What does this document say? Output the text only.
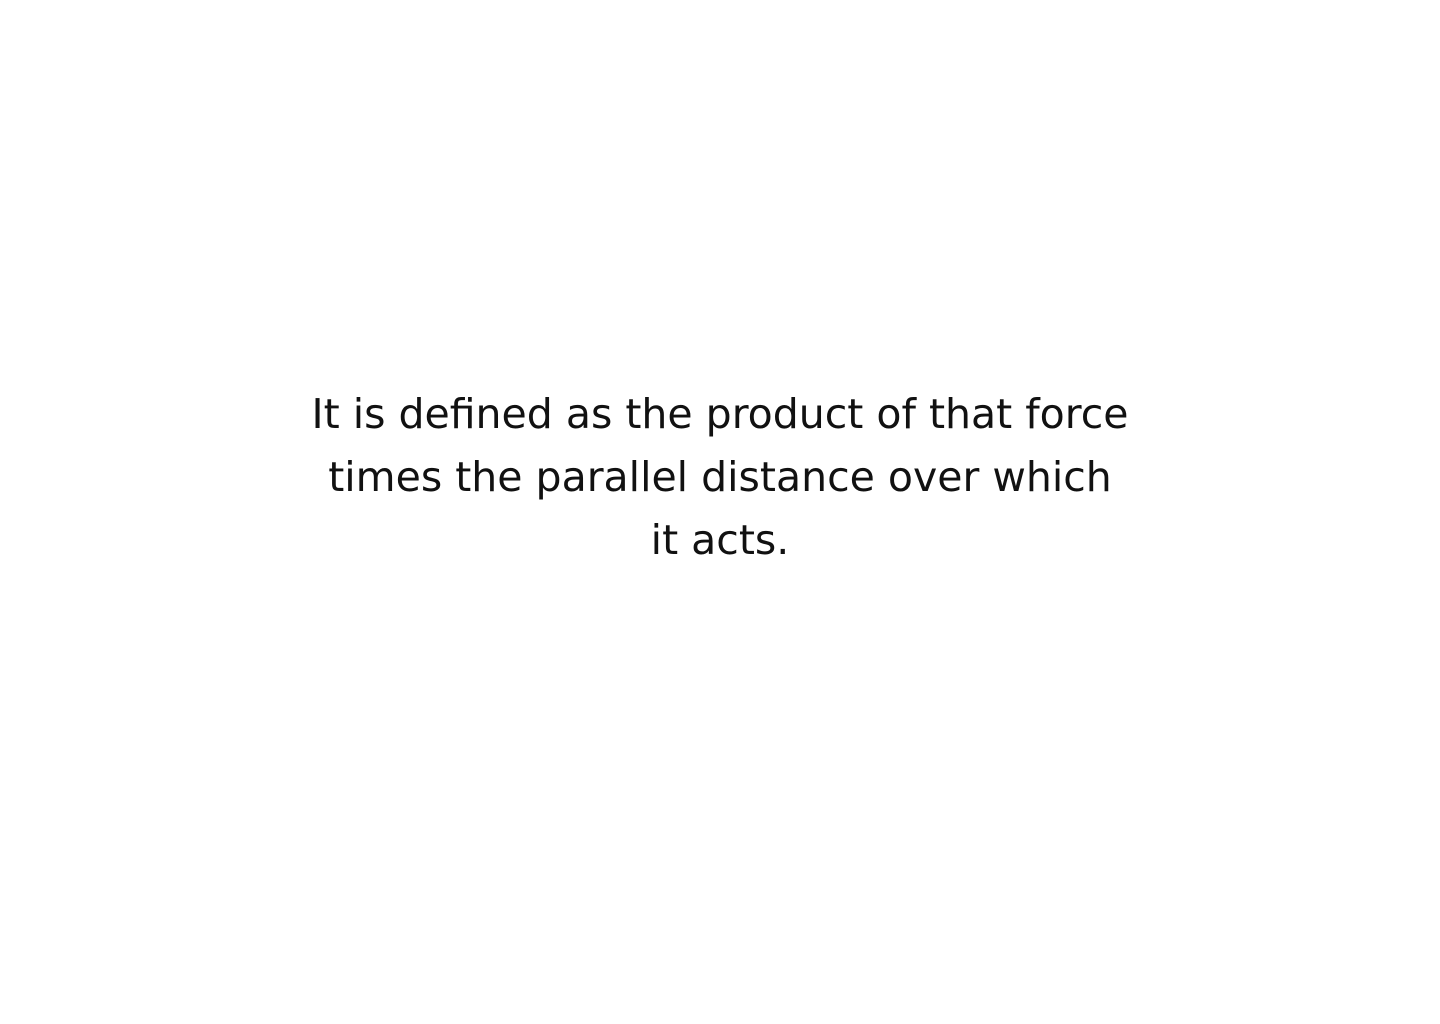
It is defined as the product of that force
times the parallel distance over which
it acts.
